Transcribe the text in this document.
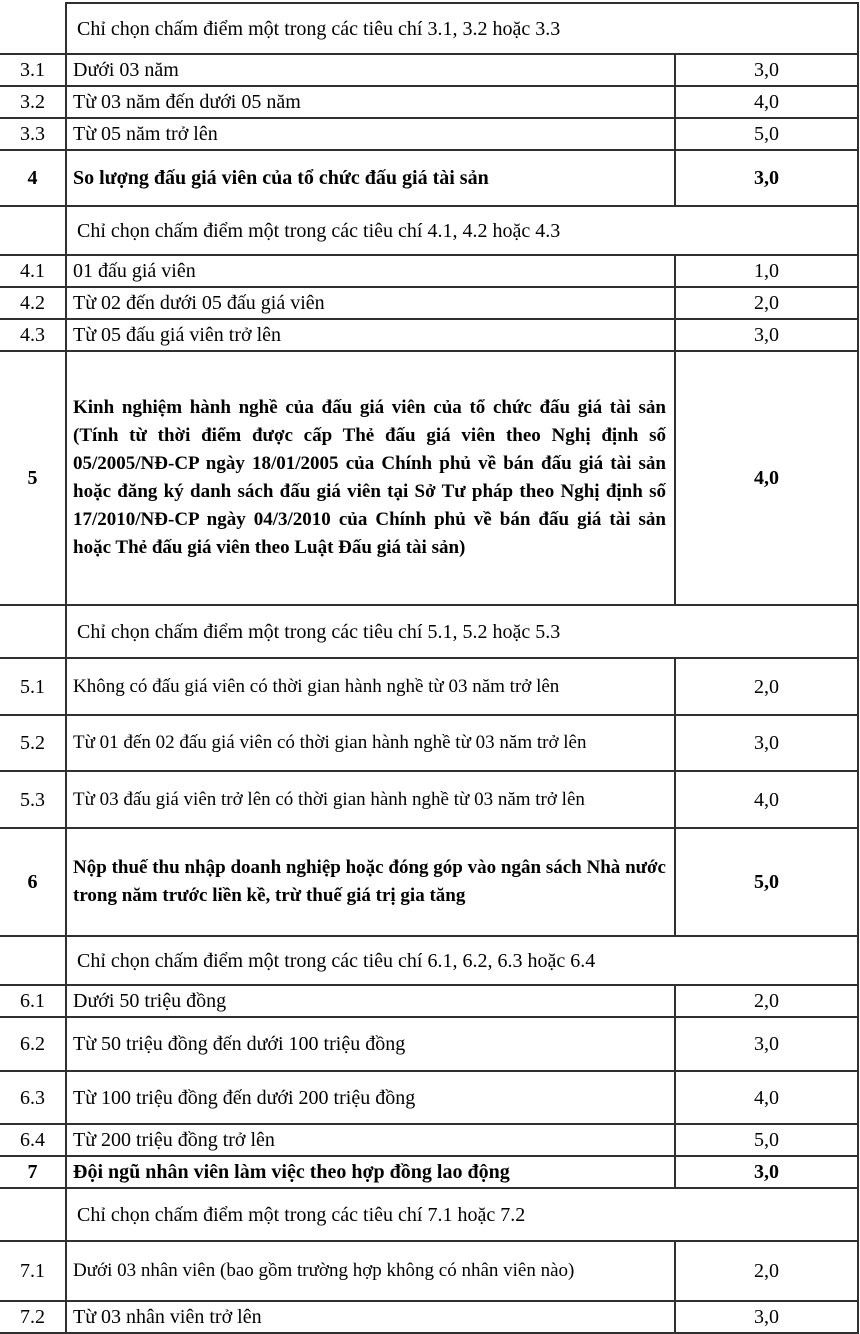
	Chỉ chọn chấm điểm một trong các tiêu chí 3.1, 3.2 hoặc 3.3	
3.1	Dưới 03 năm	3,0
3.2	Từ 03 năm đến dưới 05 năm	4,0
3.3	Từ 05 năm trở lên	5,0
4	So lượng đấu giá viên của tổ chức đấu giá tài sản	3,0
	Chỉ chọn chấm điểm một trong các tiêu chí 4.1, 4.2 hoặc 4.3	
4.1	01 đấu giá viên	1,0
4.2	Từ 02 đến dưới 05 đấu giá viên	2,0
4.3	Từ 05 đấu giá viên trở lên	3,0
5	Kinh nghiệm hành nghề của đấu giá viên của tổ chức đấu giá tài sản (Tính từ thời điểm được cấp Thẻ đấu giá viên theo Nghị định số 05/2005/NĐ-CP ngày 18/01/2005 của Chính phủ về bán đấu giá tài sản hoặc đăng ký danh sách đấu giá viên tại Sở Tư pháp theo Nghị định số 17/2010/NĐ-CP ngày 04/3/2010 của Chính phủ về bán đấu giá tài sản hoặc Thẻ đấu giá viên theo Luật Đấu giá tài sản)	4,0
	Chỉ chọn chấm điểm một trong các tiêu chí 5.1, 5.2 hoặc 5.3	
5.1	Không có đấu giá viên có thời gian hành nghề từ 03 năm trở lên	2,0
5.2	Từ 01 đến 02 đấu giá viên có thời gian hành nghề từ 03 năm trở lên	3,0
5.3	Từ 03 đấu giá viên trở lên có thời gian hành nghề từ 03 năm trở lên	4,0
6	Nộp thuế thu nhập doanh nghiệp hoặc đóng góp vào ngân sách Nhà nước trong năm trước liền kề, trừ thuế giá trị gia tăng	5,0
	Chỉ chọn chấm điểm một trong các tiêu chí 6.1, 6.2, 6.3 hoặc 6.4	
6.1	Dưới 50 triệu đồng	2,0
6.2	Từ 50 triệu đồng đến dưới 100 triệu đồng	3,0
6.3	Từ 100 triệu đồng đến dưới 200 triệu đồng	4,0
6.4	Từ 200 triệu đồng trở lên	5,0
7	Đội ngũ nhân viên làm việc theo hợp đồng lao động	3,0
	Chỉ chọn chấm điểm một trong các tiêu chí 7.1 hoặc 7.2	
7.1	Dưới 03 nhân viên (bao gồm trường hợp không có nhân viên nào)	2,0
7.2	Từ 03 nhân viên trở lên	3,0
